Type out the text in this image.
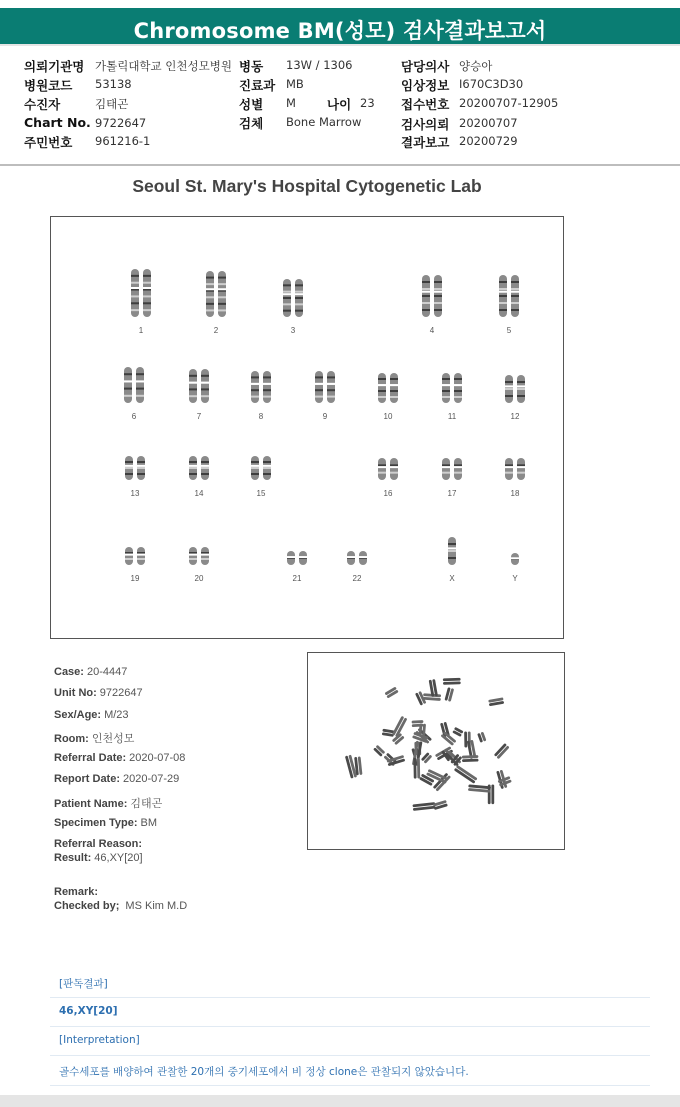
Chromosome BM(성모) 검사결과보고서
의뢰기관명 가톨릭대학교 인천성모병원 병동 13W / 1306	담당의사 양승아
병원코드 53138	진료과 MB	임상정보 I670C3D30
수진자	김태곤	성별 M 나이 23 접수번호 20200707-12905
Chart No. 9722647	검체 Bone Marrow	검사의뢰 20200707
주민번호 961216-1	결과보고 20200729
Seoul St. Mary's Hospital Cytogenetic Lab
1	2	3	4	5
6	7	8	9	10	11	12
13	14	15	16	17	18
19	20	21	22	X	Y
Case: 20-4447
Unit No: 9722647
Sex/Age: M/23
Room: 인천성모
Referral Date: 2020-07-08
Report Date: 2020-07-29
Patient Name: 김태곤
Specimen Type: BM
Referral Reason:
Result: 46,XY[20]
Remark:
Checked by; MS Kim M.D
[판독결과]
46,XY[20]
[Interpretation]
골수세포를 배양하여 관찰한 20개의 중기세포에서 비 정상 clone은 관찰되지 않았습니다.
